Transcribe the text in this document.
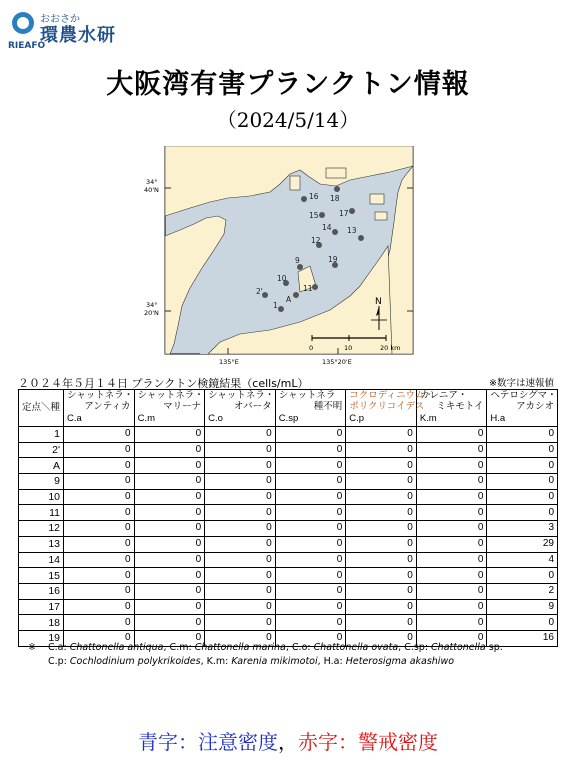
おおさか
環農水研
RIEAFO
大阪湾有害プランクトン情報
（2024/5/14）
34°
40'N
34°
20'N
135°E	135°20'E
0	10	20 km
N
16 18
15	17
14 13
12
9	19
10
11
2'
A
1
２０２４年５月１４日 プランクトン検鏡結果（cells/mL）	※数字は速報値
定点＼種	シャットネラ・
アンティカ
C.a	シャットネラ・
マリーナ
C.m	シャットネラ・
オバータ
C.o	シャットネラ
種不明
C.sp	コクロディニウム・
ポリクリコイデス
C.p	カレニア・
ミキモトイ
K.m	ヘテロシグマ・
アカシオ
H.a

1	0	0	0	0	0	0	0
2'	0	0	0	0	0	0	0
A	0	0	0	0	0	0	0
9	0	0	0	0	0	0	0
10	0	0	0	0	0	0	0
11	0	0	0	0	0	0	0
12	0	0	0	0	0	0	3
13	0	0	0	0	0	0	29
14	0	0	0	0	0	0	4
15	0	0	0	0	0	0	0
16	0	0	0	0	0	0	2
17	0	0	0	0	0	0	9
18	0	0	0	0	0	0	0
19	0	0	0	0	0	0	16
※ C.a: Chattonella antiqua, C.m: Chattonella marina, C.o: Chattonella ovata, C.sp: Chattonella sp.
C.p: Cochlodinium polykrikoides, K.m: Karenia mikimotoi, H.a: Heterosigma akashiwo
青字：注意密度，赤字：警戒密度
